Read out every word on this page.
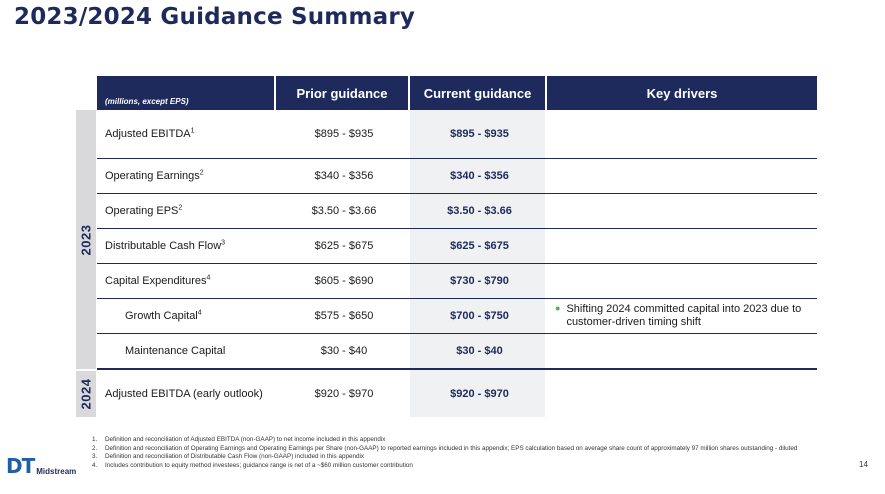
2023/2024 Guidance Summary
(millions, except EPS)
Prior guidance	Current guidance	Key drivers
2023
2024
Adjusted EBITDA$^1$	$895 - $935	$895 - $935
Operating Earnings$^2$	$340 - $356	$340 - $356
Operating EPS$^2$	$3.50 - $3.66	$3.50 - $3.66
Distributable Cash Flow$^3$	$625 - $675	$625 - $675
Capital Expenditures$^4$	$605 - $690	$730 - $790
Growth Capital$^4$	$575 - $650	$700 - $750
● Shifting 2024 committed capital into 2023 due to customer-driven timing shift
Maintenance Capital	$30 - $40	$30 - $40
Adjusted EBITDA (early outlook)	$920 - $970	$920 - $970
1.	Definition and reconciliation of Adjusted EBITDA (non-GAAP) to net income included in this appendix
2.	Definition and reconciliation of Operating Earnings and Operating Earnings per Share (non-GAAP) to reported earnings included in this appendix; EPS calculation based on average share count of approximately 97 million shares outstanding - diluted
3.	Definition and reconciliation of Distributable Cash Flow (non-GAAP) included in this appendix
4.	Includes contribution to equity method investees; guidance range is net of a ~$60 million customer contribution
DT Midstream
14
